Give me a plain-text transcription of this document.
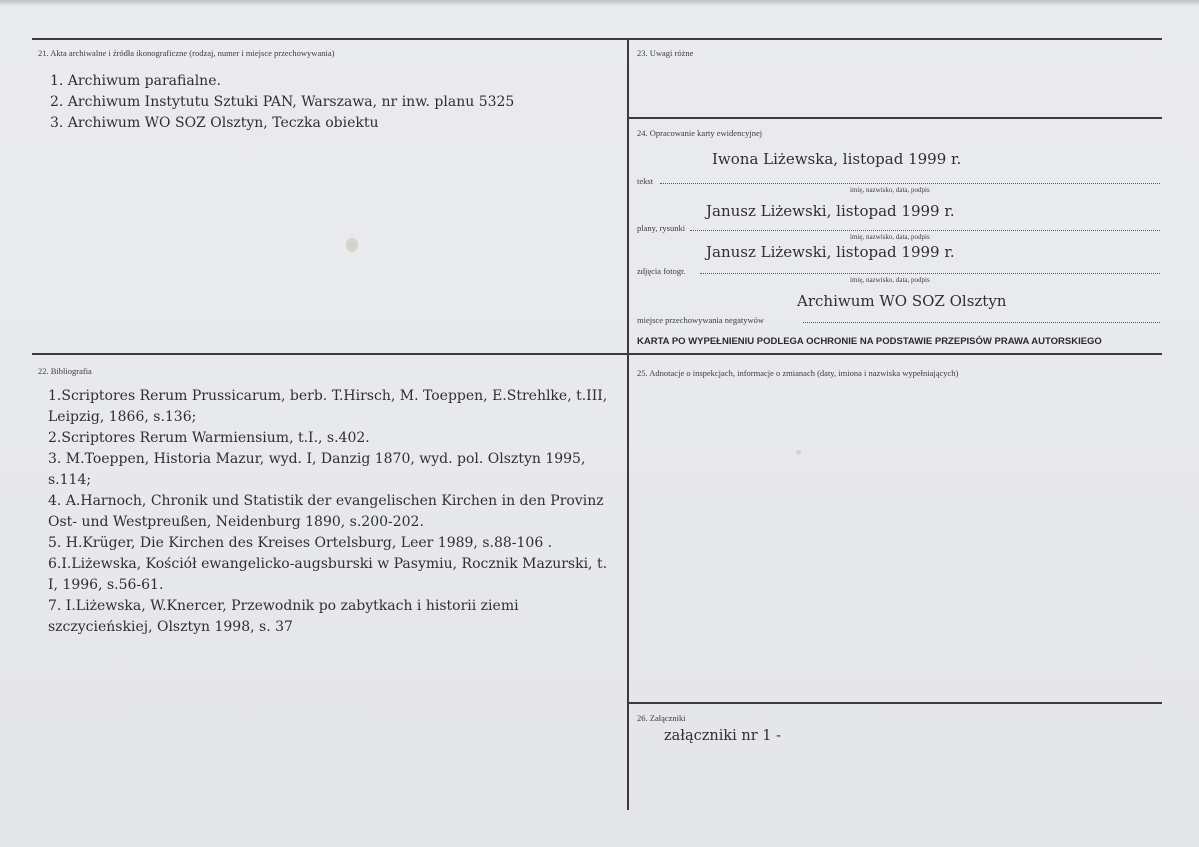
21. Akta archiwalne i źródła ikonograficzne (rodzaj, numer i miejsce przechowywania)
1. Archiwum parafialne.
2. Archiwum Instytutu Sztuki PAN, Warszawa, nr inw. planu 5325
3. Archiwum WO SOZ Olsztyn, Teczka obiektu
23. Uwagi różne
24. Opracowanie karty ewidencyjnej
Iwona Liżewska, listopad 1999 r.
tekst
imię, nazwisko, data, podpis
Janusz Liżewski, listopad 1999 r.
plany, rysunki
imię, nazwisko, data, podpis
Janusz Liżewski, listopad 1999 r.
zdjęcia fotogr.
imię, nazwisko, data, podpis
Archiwum WO SOZ Olsztyn
miejsce przechowywania negatywów
KARTA PO WYPEŁNIENIU PODLEGA OCHRONIE NA PODSTAWIE PRZEPISÓW PRAWA AUTORSKIEGO
22. Bibliografia
1.Scriptores Rerum Prussicarum, berb. T.Hirsch, M. Toeppen, E.Strehlke, t.III, Leipzig, 1866, s.136;
2.Scriptores Rerum Warmiensium, t.I., s.402.
3. M.Toeppen, Historia Mazur, wyd. I, Danzig 1870, wyd. pol. Olsztyn 1995, s.114;
4. A.Harnoch, Chronik und Statistik der evangelischen Kirchen in den Provinz Ost- und Westpreußen, Neidenburg 1890, s.200-202.
5. H.Krüger, Die Kirchen des Kreises Ortelsburg, Leer 1989, s.88-106 .
6.I.Liżewska, Kościół ewangelicko-augsburski w Pasymiu, Rocznik Mazurski, t. I, 1996, s.56-61.
7. I.Liżewska, W.Knercer, Przewodnik po zabytkach i historii ziemi szczycieńskiej, Olsztyn 1998, s. 37
25. Adnotacje o inspekcjach, informacje o zmianach (daty, imiona i nazwiska wypełniających)
26. Załączniki
załączniki nr 1 -
